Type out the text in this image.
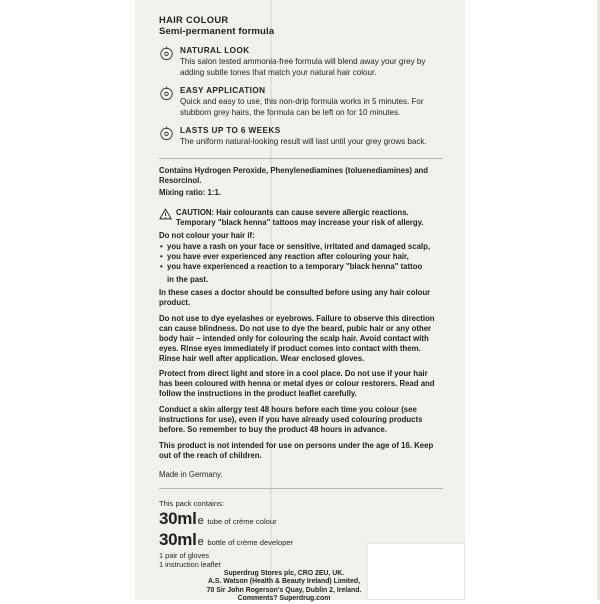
HAIR COLOUR
Semi-permanent formula
NATURAL LOOK
This salon tested ammonia-free formula will blend away your grey by adding subtle tones that match your natural hair colour.
EASY APPLICATION
Quick and easy to use, this non-drip formula works in 5 minutes. For stubborn grey hairs, the formula can be left on for 10 minutes.
LASTS UP TO 6 WEEKS
The uniform natural-looking result will last until your grey grows back.
Contains Hydrogen Peroxide, Phenylenediamines (toluenediamines) and Resorcinol.
Mixing ratio: 1:1.
CAUTION: Hair colourants can cause severe allergic reactions. Temporary "black henna" tattoos may increase your risk of allergy.
Do not colour your hair if:
• you have a rash on your face or sensitive, irritated and damaged scalp,
• you have ever experienced any reaction after colouring your hair,
• you have experienced a reaction to a temporary "black henna" tattoo
in the past.
In these cases a doctor should be consulted before using any hair colour product.
Do not use to dye eyelashes or eyebrows. Failure to observe this direction can cause blindness. Do not use to dye the beard, pubic hair or any other body hair – intended only for colouring the scalp hair. Avoid contact with eyes. Rinse eyes immediately if product comes into contact with them. Rinse hair well after application. Wear enclosed gloves.
Protect from direct light and store in a cool place. Do not use if your hair has been coloured with henna or metal dyes or colour restorers. Read and follow the instructions in the product leaflet carefully.
Conduct a skin allergy test 48 hours before each time you colour (see instructions for use), even if you have already used colouring products before. So remember to buy the product 48 hours in advance.
This product is not intended for use on persons under the age of 16. Keep out of the reach of children.
Made in Germany.
This pack contains:
30mle tube of crème colour
30mle bottle of crème developer
1 pair of gloves
1 instruction leaflet
Superdrug Stores plc, CRO 2EU, UK.
A.S. Watson (Health & Beauty Ireland) Limited,
70 Sir John Rogerson's Quay, Dublin 2, Ireland.
Comments? Superdrug.com
